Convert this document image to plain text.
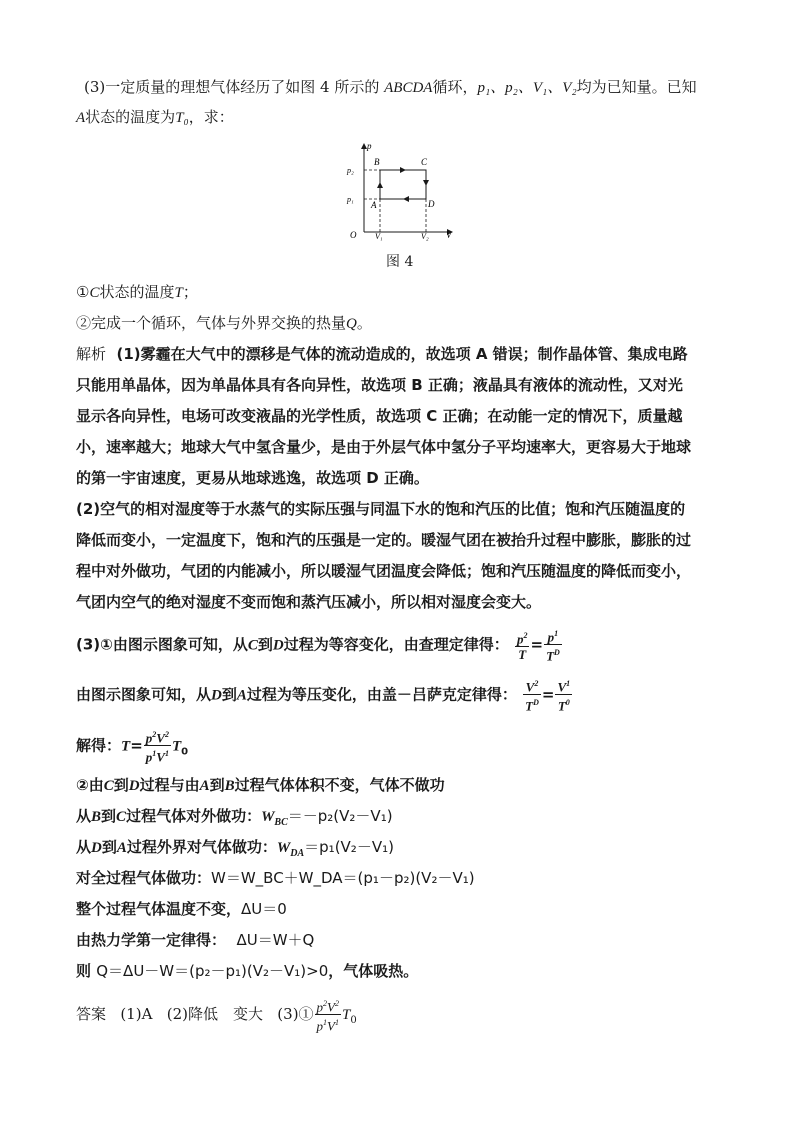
(3)一定质量的理想气体经历了如图 4 所示的 ABCDA循环，p₁、p₂、V₁、V₂均为已知量。已知
A状态的温度为T₀，求：
p
V
O
p₂
p₁
V₁	V₂
A
B	C
D
图 4
①C状态的温度T；
②完成一个循环，气体与外界交换的热量Q。
解析 (1)雾霾在大气中的漂移是气体的流动造成的，故选项 A 错误；制作晶体管、集成电路
只能用单晶体，因为单晶体具有各向异性，故选项 B 正确；液晶具有液体的流动性，又对光
显示各向异性，电场可改变液晶的光学性质，故选项 C 正确；在动能一定的情况下，质量越
小，速率越大；地球大气中氢含量少，是由于外层气体中氢分子平均速率大，更容易大于地球
的第一宇宙速度，更易从地球逃逸，故选项 D 正确。
(2)空气的相对湿度等于水蒸气的实际压强与同温下水的饱和汽压的比值；饱和汽压随温度的
降低而变小，一定温度下，饱和汽的压强是一定的。暖湿气团在被抬升过程中膨胀，膨胀的过
程中对外做功，气团的内能减小，所以暖湿气团温度会降低；饱和汽压随温度的降低而变小，
气团内空气的绝对湿度不变而饱和蒸汽压减小，所以相对湿度会变大。
(3)①由图示图象可知，从C到D过程为等容变化，由查理定律得： $\frac{p^2}{T} = \frac{p^1}{T^D}$
由图示图象可知，从D到A过程为等压变化，由盖－吕萨克定律得： $\frac{V^2}{T^D} = \frac{V^1}{T^0}$
解得：$T= \frac{p^2V^2}{p^1V^1} T_0$
②由C到D过程与由A到B过程气体体积不变，气体不做功
从B到C过程气体对外做功：$W_{BC}=-p_2(V_2-V_1)$
从D到A过程外界对气体做功：$W_{DA}=p_1(V_2-V_1)$
对全过程气体做功：W＝W_BC＋W_DA＝(p₁－p₂)(V₂－V₁)
整个过程气体温度不变，ΔU＝0
由热力学第一定律得： ΔU＝W＋Q
则 Q＝ΔU－W＝(p₂－p₁)(V₂－V₁)>0，气体吸热。
答案 (1)A (2)降低　变大 (3)① $\frac{p^2V^2}{p^1V^1} T_0$
